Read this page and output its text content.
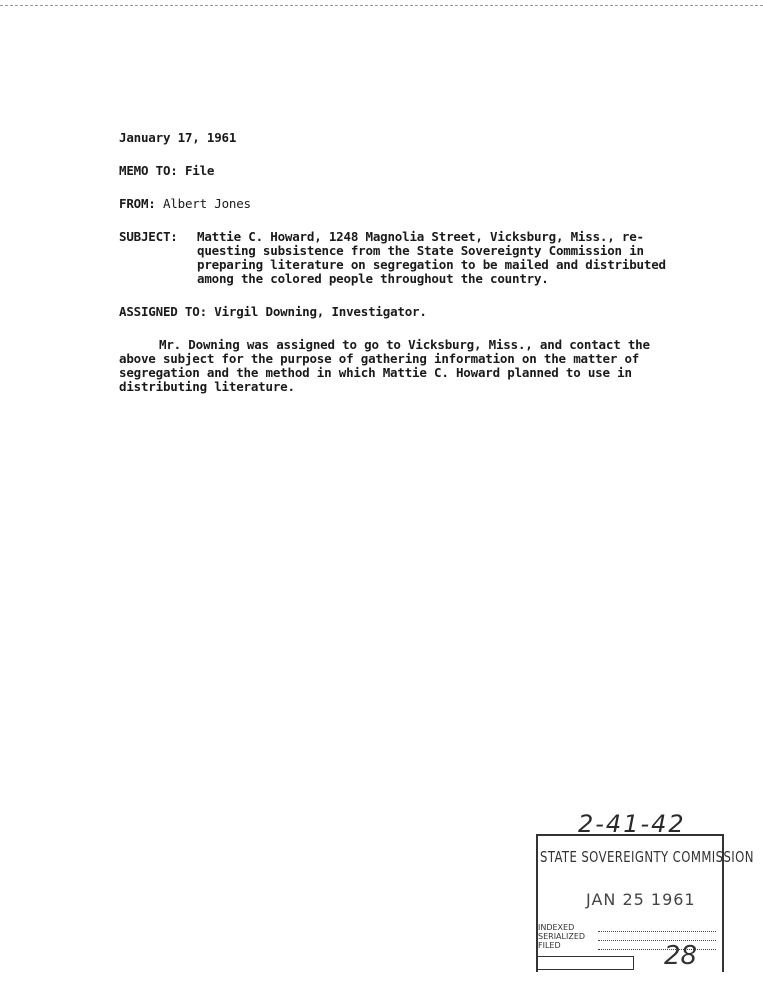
January 17, 1961
MEMO TO: File
FROM: Albert Jones
SUBJECT:	Mattie C. Howard, 1248 Magnolia Street, Vicksburg, Miss., re-
questing subsistence from the State Sovereignty Commission in
preparing literature on segregation to be mailed and distributed
among the colored people throughout the country.
ASSIGNED TO: Virgil Downing, Investigator.
Mr. Downing was assigned to go to Vicksburg, Miss., and contact the
above subject for the purpose of gathering information on the matter of
segregation and the method in which Mattie C. Howard planned to use in
distributing literature.
2-41-42
STATE SOVEREIGNTY COMMISSION
JAN 25 1961
INDEXED
SERIALIZED
FILED	28
